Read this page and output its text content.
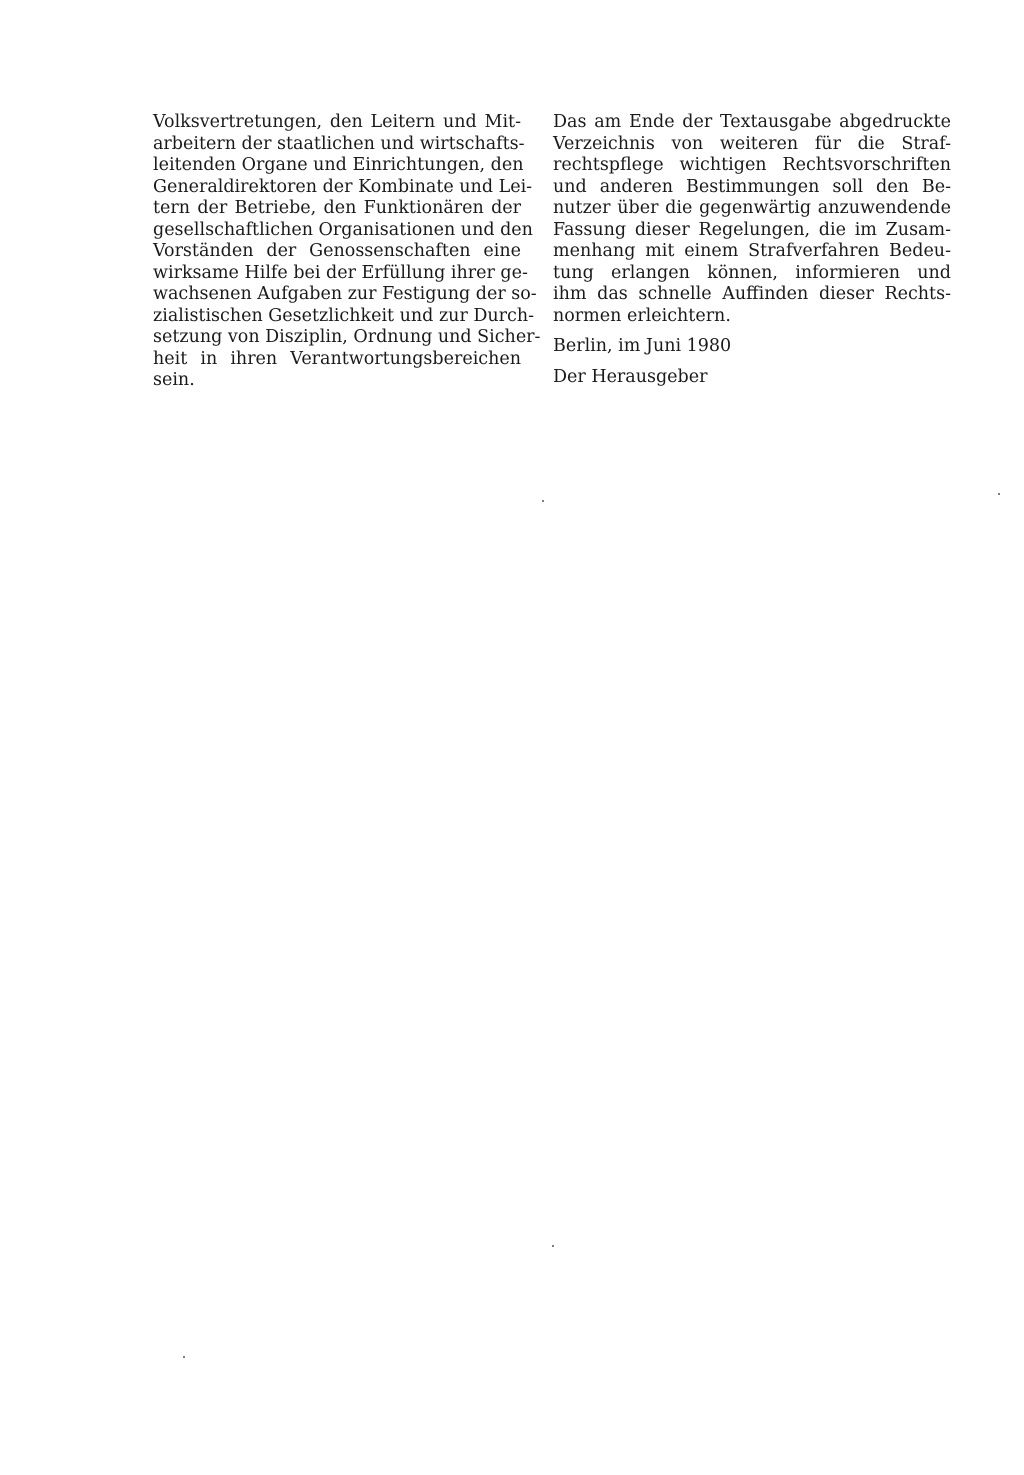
Volksvertretungen, den Leitern und Mit-
arbeitern der staatlichen und wirtschafts-
leitenden Organe und Einrichtungen, den
Generaldirektoren der Kombinate und Lei-
tern der Betriebe, den Funktionären der
gesellschaftlichen Organisationen und den
Vorständen der Genossenschaften eine
wirksame Hilfe bei der Erfüllung ihrer ge-
wachsenen Aufgaben zur Festigung der so-
zialistischen Gesetzlichkeit und zur Durch-
setzung von Disziplin, Ordnung und Sicher-
heit in ihren Verantwortungsbereichen
sein.

Das am Ende der Textausgabe abgedruckte
Verzeichnis von weiteren für die Straf-
rechtspflege wichtigen Rechtsvorschriften
und anderen Bestimmungen soll den Be-
nutzer über die gegenwärtig anzuwendende
Fassung dieser Regelungen, die im Zusam-
menhang mit einem Strafverfahren Bedeu-
tung erlangen können, informieren und
ihm das schnelle Auffinden dieser Rechts-
normen erleichtern.

Berlin, im Juni 1980
Der Herausgeber
